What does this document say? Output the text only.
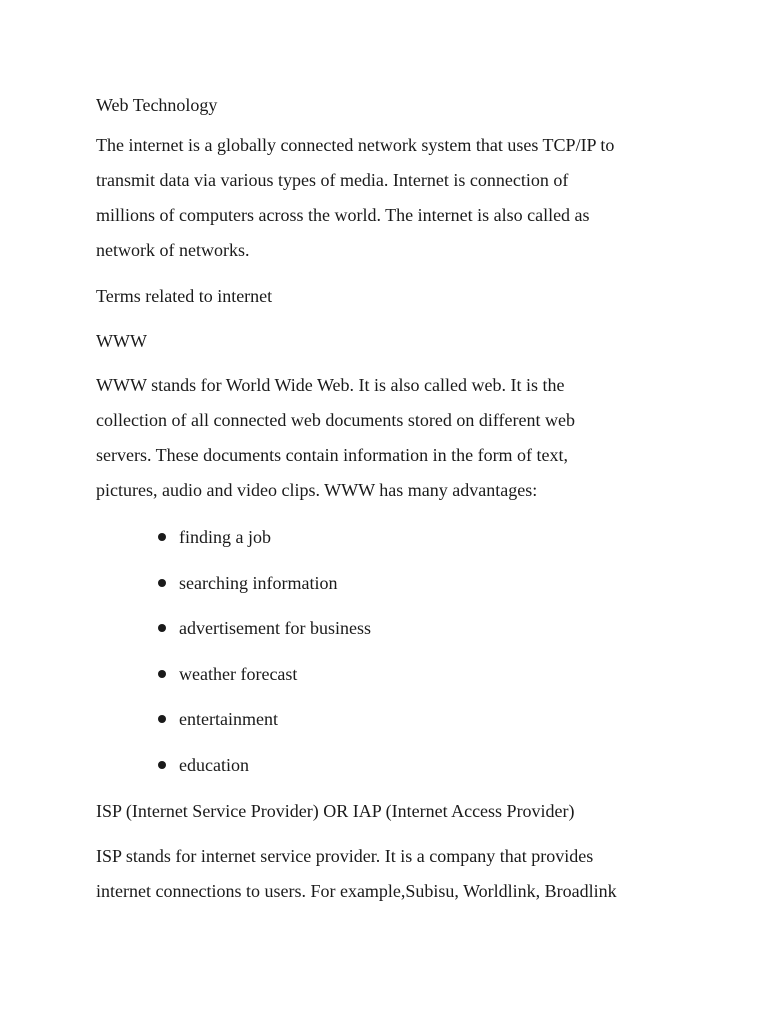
Web Technology
The internet is a globally connected network system that uses TCP/IP to
transmit data via various types of media. Internet is connection of
millions of computers across the world. The internet is also called as
network of networks.
Terms related to internet
WWW
WWW stands for World Wide Web. It is also called web. It is the
collection of all connected web documents stored on different web
servers. These documents contain information in the form of text,
pictures, audio and video clips. WWW has many advantages:
finding a job
searching information
advertisement for business
weather forecast
entertainment
education
ISP (Internet Service Provider) OR IAP (Internet Access Provider)
ISP stands for internet service provider. It is a company that provides
internet connections to users. For example,Subisu, Worldlink, Broadlink
